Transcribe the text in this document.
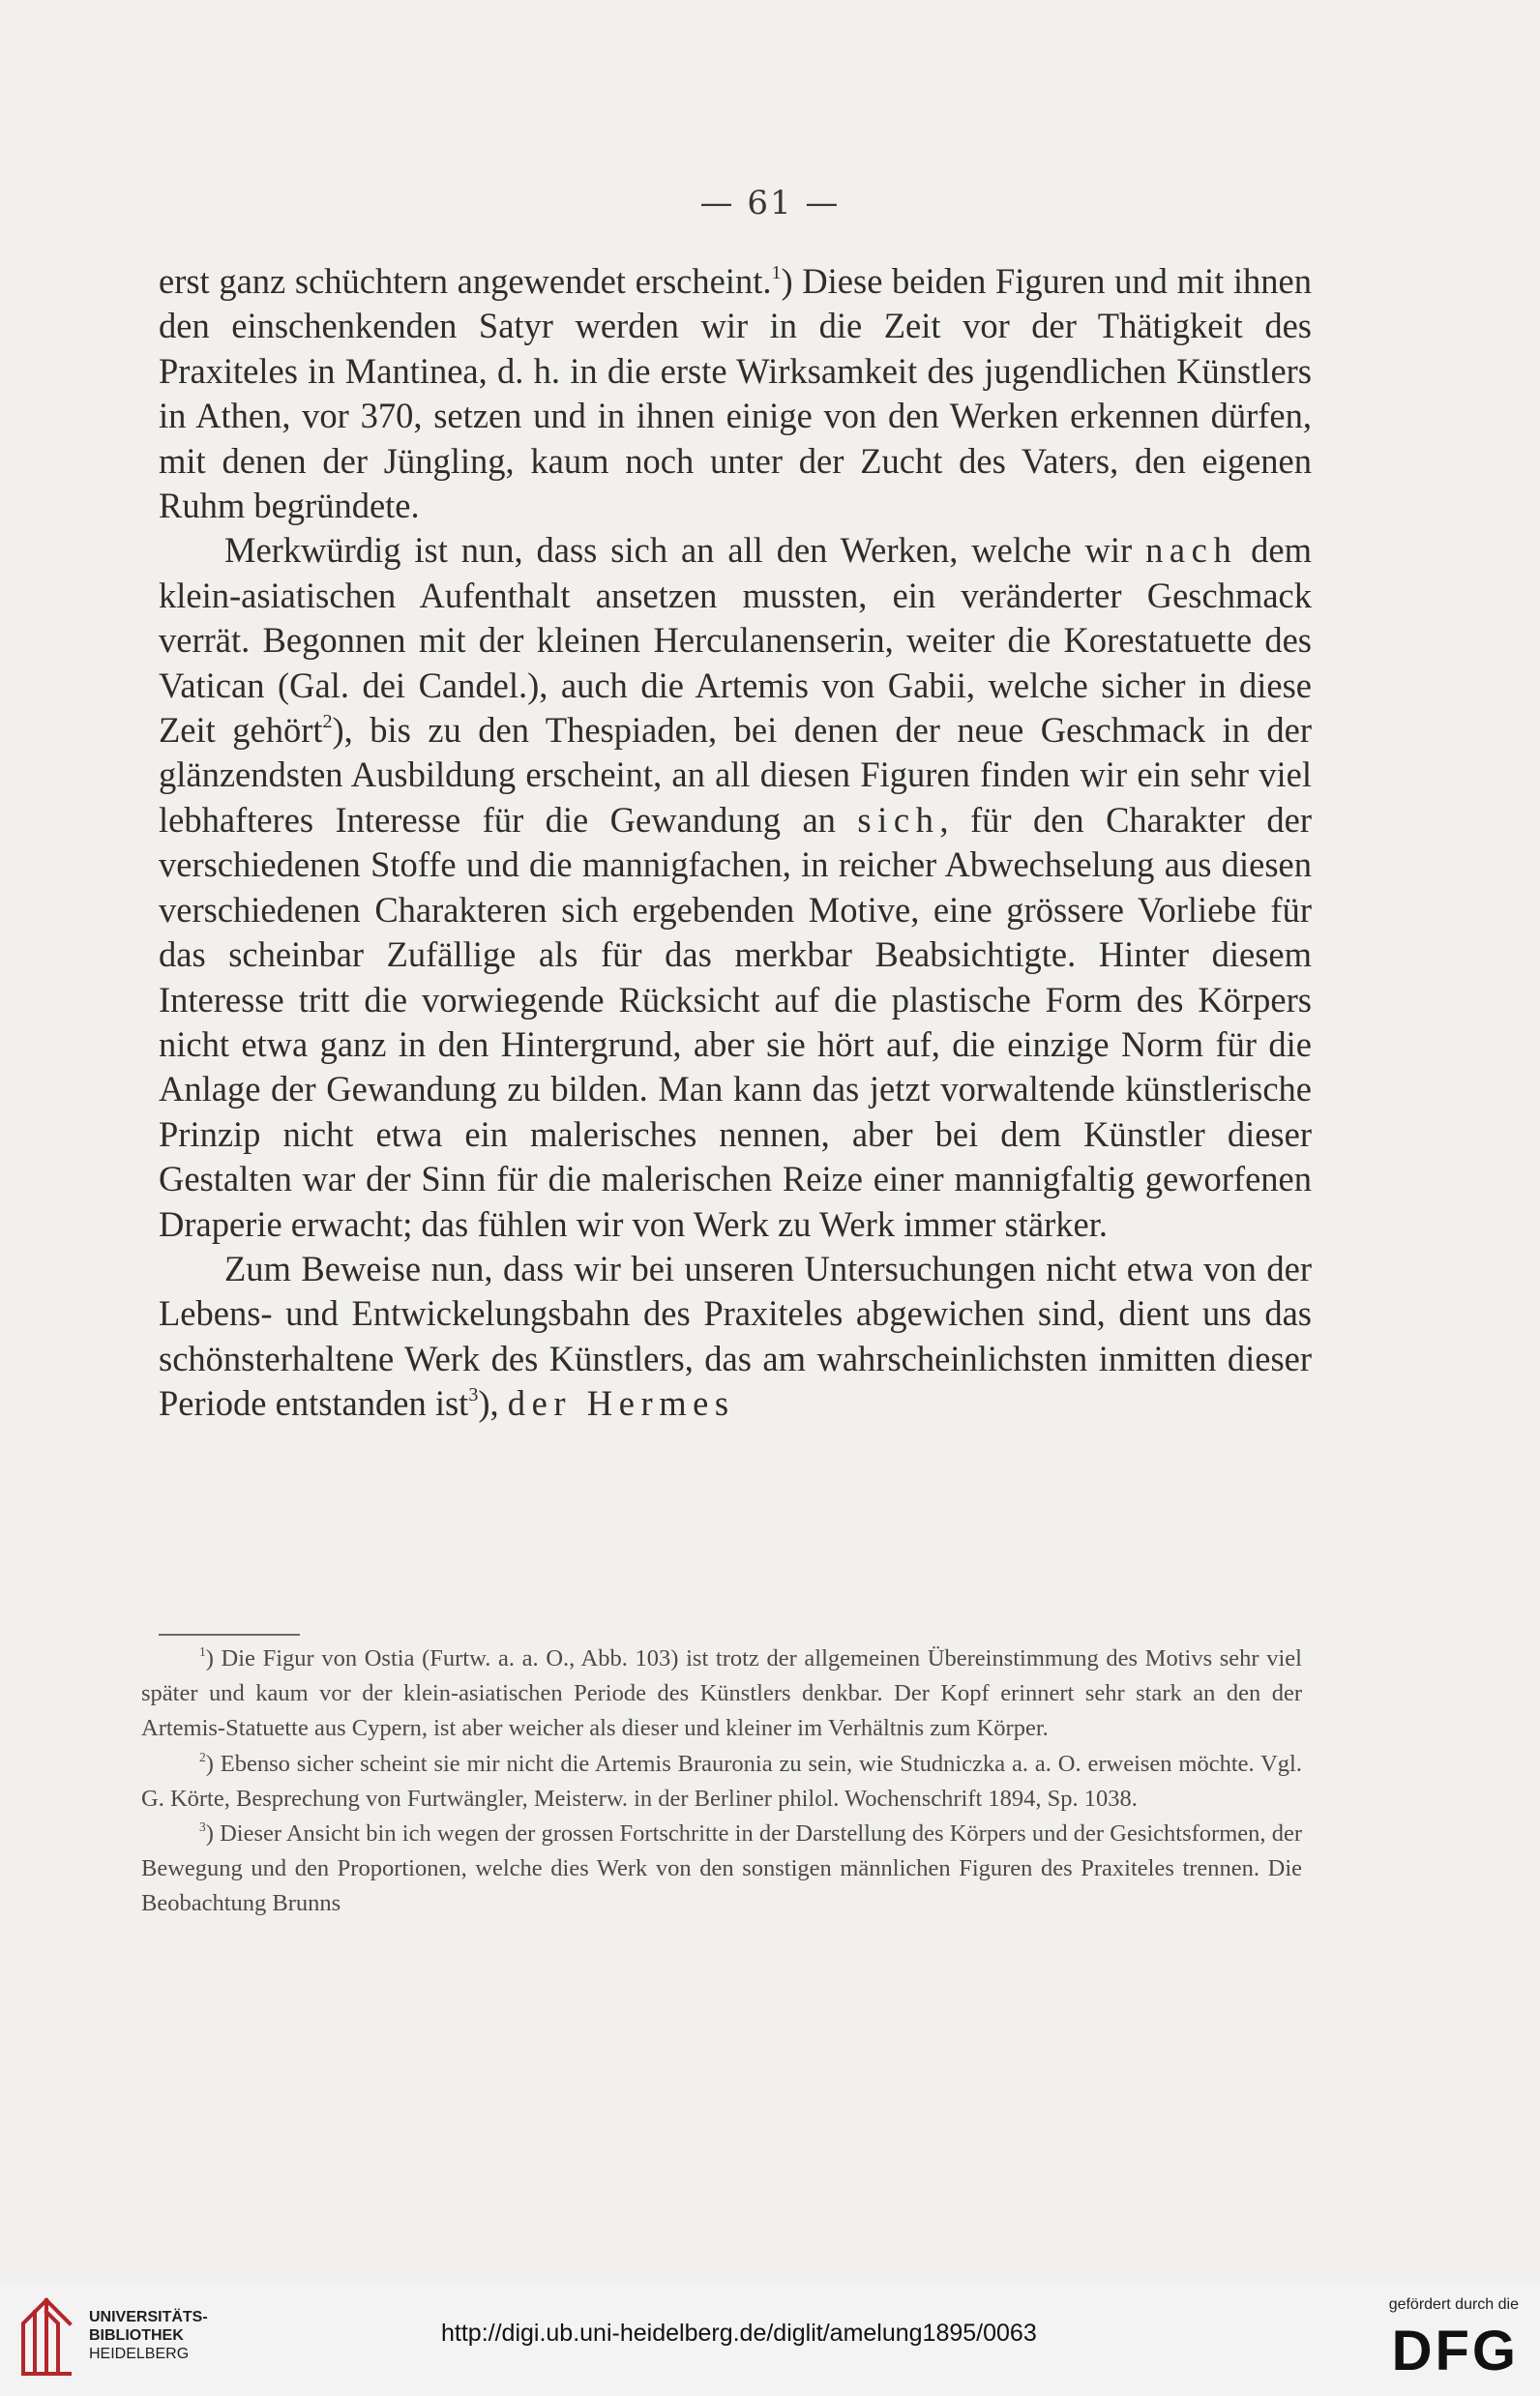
— 61 —

erst ganz schüchtern angewendet erscheint.$^1$) Diese beiden Figuren und mit ihnen den einschenkenden Satyr werden wir in die Zeit vor der Thätigkeit des Praxiteles in Mantinea, d. h. in die erste Wirksamkeit des jugendlichen Künstlers in Athen, vor 370, setzen und in ihnen einige von den Werken erkennen dürfen, mit denen der Jüngling, kaum noch unter der Zucht des Vaters, den eigenen Ruhm begründete.

Merkwürdig ist nun, dass sich an all den Werken, welche wir nach dem klein-asiatischen Aufenthalt ansetzen mussten, ein veränderter Geschmack verrät. Begonnen mit der kleinen Herculanenserin, weiter die Korestatuette des Vatican (Gal. dei Candel.), auch die Artemis von Gabii, welche sicher in diese Zeit gehört$^2$), bis zu den Thespiaden, bei denen der neue Geschmack in der glänzendsten Ausbildung erscheint, an all diesen Figuren finden wir ein sehr viel lebhafteres Interesse für die Gewandung an sich, für den Charakter der verschiedenen Stoffe und die mannigfachen, in reicher Abwechselung aus diesen verschiedenen Charakteren sich ergebenden Motive, eine grössere Vorliebe für das scheinbar Zufällige als für das merkbar Beabsichtigte. Hinter diesem Interesse tritt die vorwiegende Rücksicht auf die plastische Form des Körpers nicht etwa ganz in den Hintergrund, aber sie hört auf, die einzige Norm für die Anlage der Gewandung zu bilden. Man kann das jetzt vorwaltende künstlerische Prinzip nicht etwa ein malerisches nennen, aber bei dem Künstler dieser Gestalten war der Sinn für die malerischen Reize einer mannigfaltig geworfenen Draperie erwacht; das fühlen wir von Werk zu Werk immer stärker.

Zum Beweise nun, dass wir bei unseren Untersuchungen nicht etwa von der Lebens- und Entwickelungsbahn des Praxiteles abgewichen sind, dient uns das schönsterhaltene Werk des Künstlers, das am wahrscheinlichsten inmitten dieser Periode entstanden ist$^3$), der Hermes

$^1$) Die Figur von Ostia (Furtw. a. a. O., Abb. 103) ist trotz der allgemeinen Übereinstimmung des Motivs sehr viel später und kaum vor der klein-asiatischen Periode des Künstlers denkbar. Der Kopf erinnert sehr stark an den der Artemis-Statuette aus Cypern, ist aber weicher als dieser und kleiner im Verhältnis zum Körper.

$^2$) Ebenso sicher scheint sie mir nicht die Artemis Brauronia zu sein, wie Studniczka a. a. O. erweisen möchte. Vgl. G. Körte, Besprechung von Furtwängler, Meisterw. in der Berliner philol. Wochenschrift 1894, Sp. 1038.

$^3$) Dieser Ansicht bin ich wegen der grossen Fortschritte in der Darstellung des Körpers und der Gesichtsformen, der Bewegung und den Proportionen, welche dies Werk von den sonstigen männlichen Figuren des Praxiteles trennen. Die Beobachtung Brunns

UNIVERSITÄTS-
BIBLIOTHEK
HEIDELBERG
http://digi.ub.uni-heidelberg.de/diglit/amelung1895/0063
gefördert durch die
DFG
